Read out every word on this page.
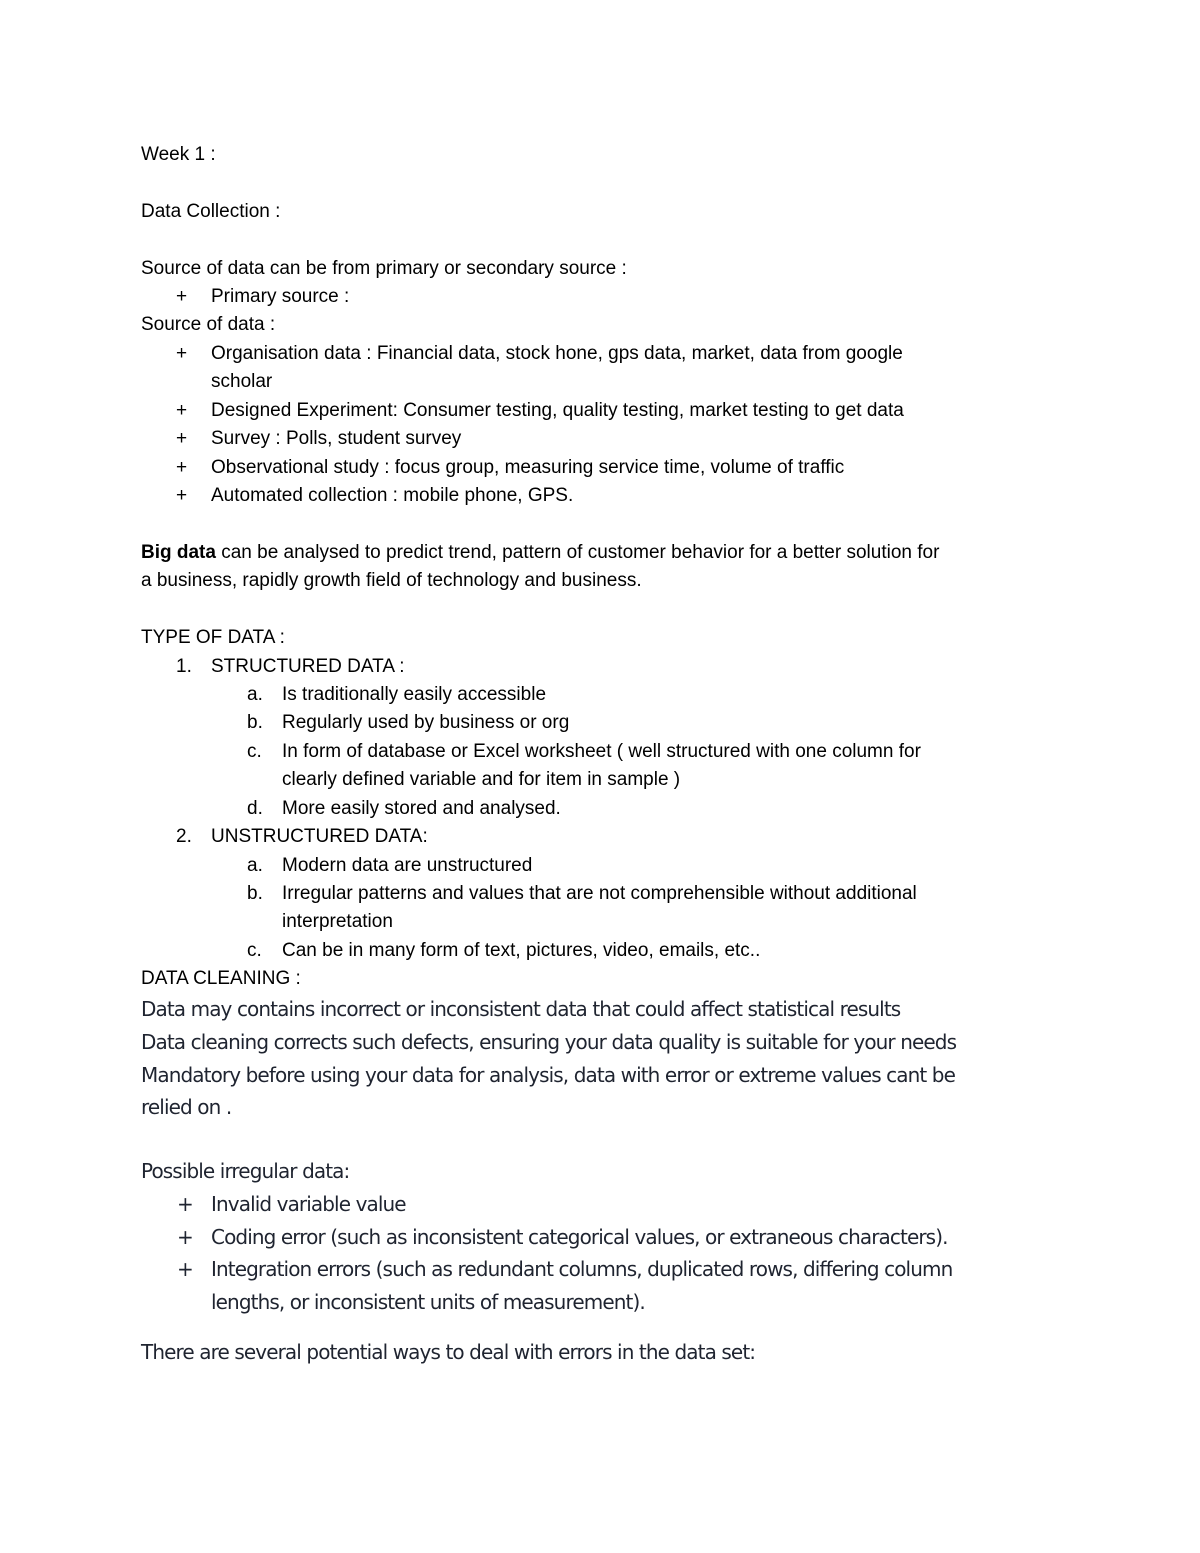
Week 1 :
Data Collection :
Source of data can be from primary or secondary source :
+ Primary source :
Source of data :
+ Organisation data : Financial data, stock hone, gps data, market, data from google
scholar
+ Designed Experiment: Consumer testing, quality testing, market testing to get data
+ Survey : Polls, student survey
+ Observational study : focus group, measuring service time, volume of traffic
+ Automated collection : mobile phone, GPS.
Big data can be analysed to predict trend, pattern of customer behavior for a better solution for
a business, rapidly growth field of technology and business.
TYPE OF DATA :
1. STRUCTURED DATA :
a. Is traditionally easily accessible
b. Regularly used by business or org
c. In form of database or Excel worksheet ( well structured with one column for
clearly defined variable and for item in sample )
d. More easily stored and analysed.
2. UNSTRUCTURED DATA:
a. Modern data are unstructured
b. Irregular patterns and values that are not comprehensible without additional
interpretation
c. Can be in many form of text, pictures, video, emails, etc..
DATA CLEANING :
Data may contains incorrect or inconsistent data that could affect statistical results
Data cleaning corrects such defects, ensuring your data quality is suitable for your needs
Mandatory before using your data for analysis, data with error or extreme values cant be
relied on .
Possible irregular data:
+ Invalid variable value
+ Coding error (such as inconsistent categorical values, or extraneous characters).
+ Integration errors (such as redundant columns, duplicated rows, differing column
lengths, or inconsistent units of measurement).
There are several potential ways to deal with errors in the data set:
